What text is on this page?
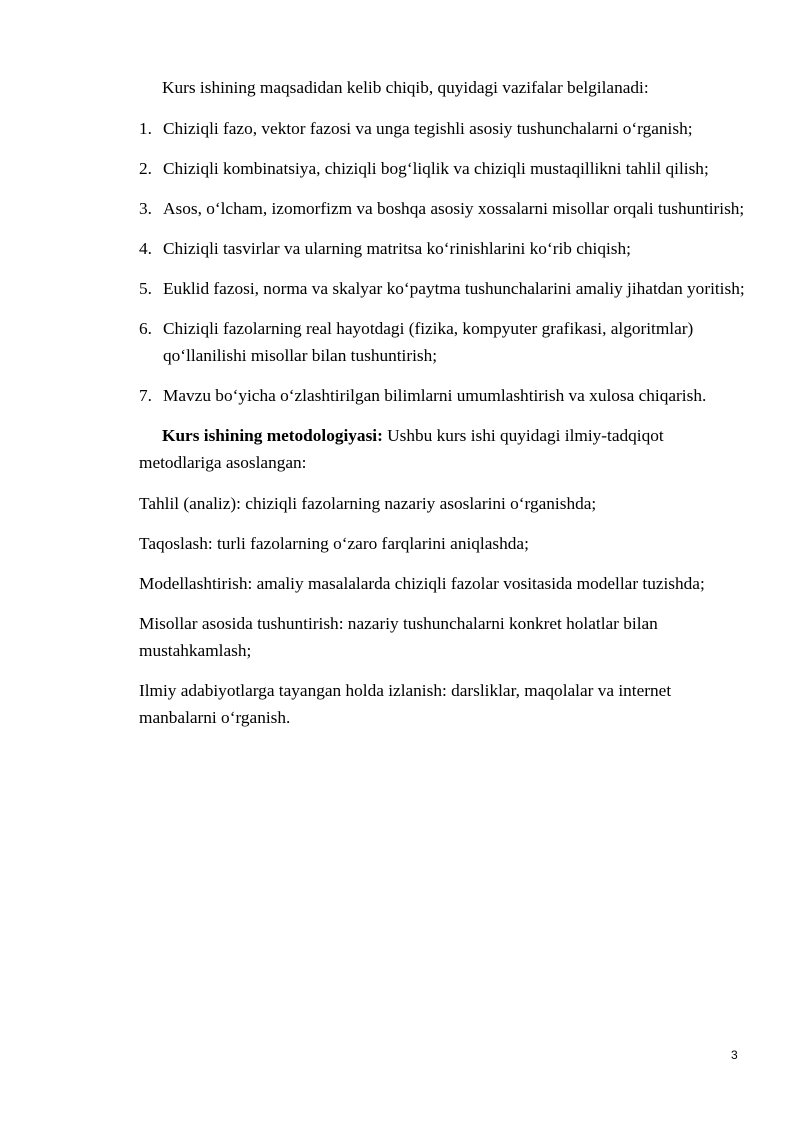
Kurs ishining maqsadidan kelib chiqib, quyidagi vazifalar belgilanadi:

1. Chiziqli fazo, vektor fazosi va unga tegishli asosiy tushunchalarni o‘rganish;
2. Chiziqli kombinatsiya, chiziqli bog‘liqlik va chiziqli mustaqillikni tahlil qilish;
3. Asos, o‘lcham, izomorfizm va boshqa asosiy xossalarni misollar orqali tushuntirish;
4. Chiziqli tasvirlar va ularning matritsa ko‘rinishlarini ko‘rib chiqish;
5. Euklid fazosi, norma va skalyar ko‘paytma tushunchalarini amaliy jihatdan yoritish;
6. Chiziqli fazolarning real hayotdagi (fizika, kompyuter grafikasi, algoritmlar) qo‘llanilishi misollar bilan tushuntirish;
7. Mavzu bo‘yicha o‘zlashtirilgan bilimlarni umumlashtirish va xulosa chiqarish.

Kurs ishining metodologiyasi: Ushbu kurs ishi quyidagi ilmiy-tadqiqot metodlariga asoslangan:

Tahlil (analiz): chiziqli fazolarning nazariy asoslarini o‘rganishda;

Taqoslash: turli fazolarning o‘zaro farqlarini aniqlashda;

Modellashtirish: amaliy masalalarda chiziqli fazolar vositasida modellar tuzishda;

Misollar asosida tushuntirish: nazariy tushunchalarni konkret holatlar bilan mustahkamlash;

Ilmiy adabiyotlarga tayangan holda izlanish: darsliklar, maqolalar va internet manbalarni o‘rganish.

3
